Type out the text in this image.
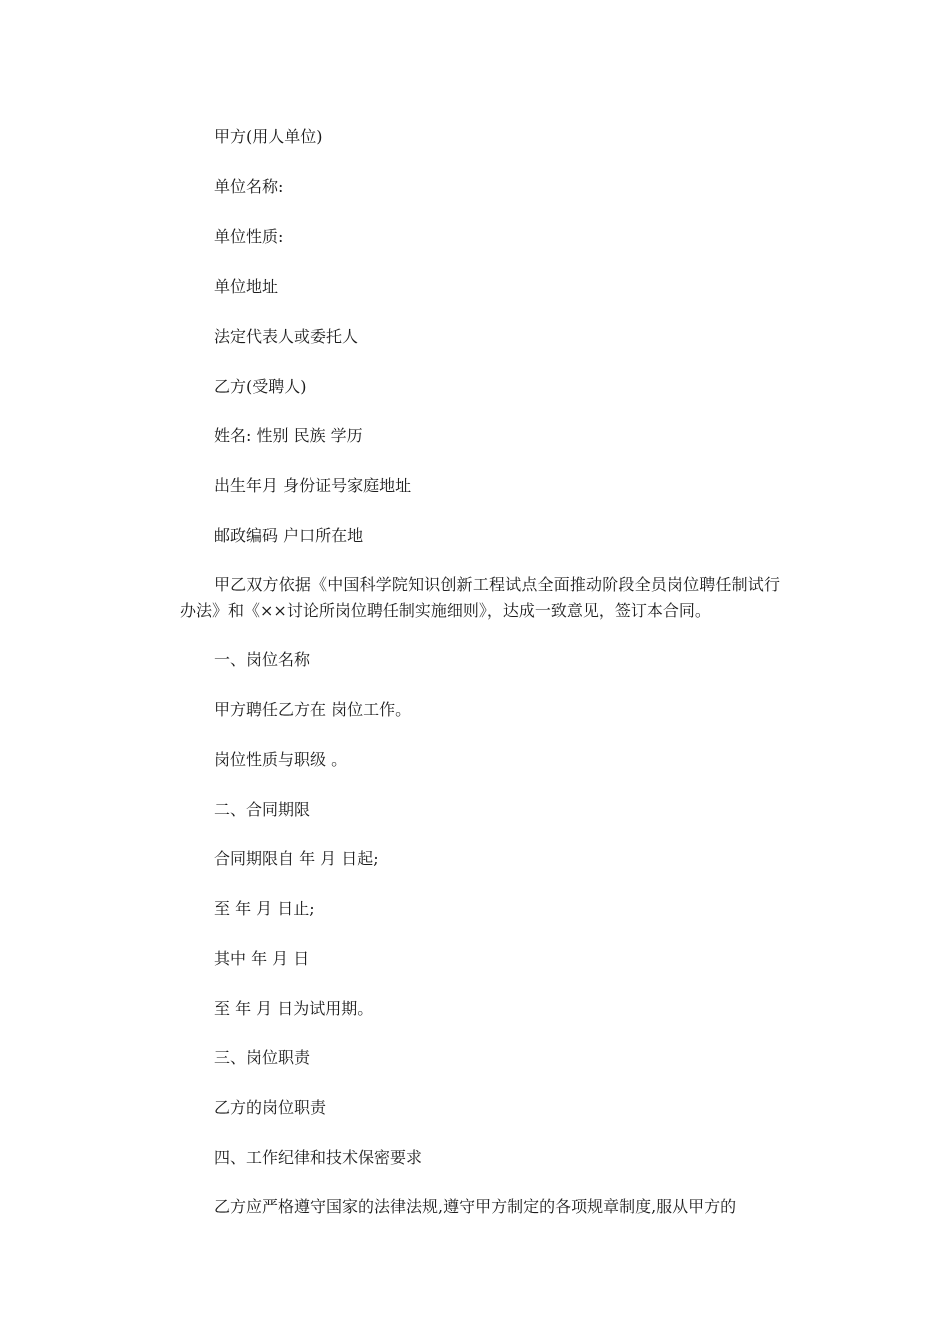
甲方(用人单位)
单位名称:
单位性质:
单位地址
法定代表人或委托人
乙方(受聘人)
姓名: 性别 民族 学历
出生年月 身份证号家庭地址
邮政编码 户口所在地
甲乙双方依据《中国科学院知识创新工程试点全面推动阶段全员岗位聘任制试行办法》和《××讨论所岗位聘任制实施细则》，达成一致意见，签订本合同。
一、岗位名称
甲方聘任乙方在 岗位工作。
岗位性质与职级 。
二、合同期限
合同期限自 年 月 日起;
至 年 月 日止;
其中 年 月 日
至 年 月 日为试用期。
三、岗位职责
乙方的岗位职责
四、工作纪律和技术保密要求
乙方应严格遵守国家的法律法规,遵守甲方制定的各项规章制度,服从甲方的
